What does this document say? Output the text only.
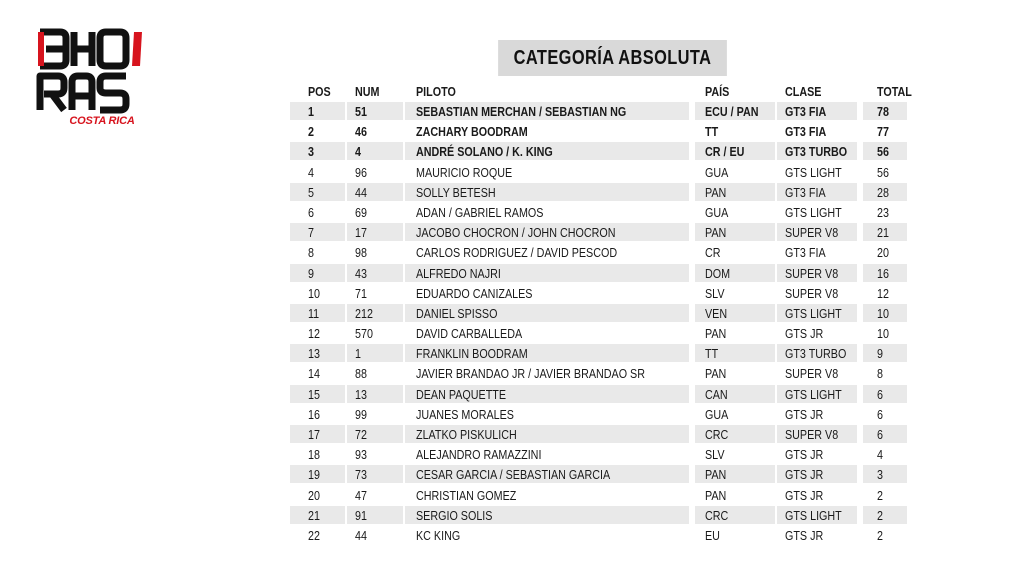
COSTA RICA
CATEGORÍA ABSOLUTA
POS	NUM	PILOTO	PAÍS	CLASE	TOTAL
1	51	SEBASTIAN MERCHAN / SEBASTIAN NG	ECU / PAN	GT3 FIA	78
2	46	ZACHARY BOODRAM	TT	GT3 FIA	77
3	4	ANDRÉ SOLANO / K. KING	CR / EU	GT3 TURBO	56
4	96	MAURICIO ROQUE	GUA	GTS LIGHT	56
5	44	SOLLY BETESH	PAN	GT3 FIA	28
6	69	ADAN / GABRIEL RAMOS	GUA	GTS LIGHT	23
7	17	JACOBO CHOCRON / JOHN CHOCRON	PAN	SUPER V8	21
8	98	CARLOS RODRIGUEZ / DAVID PESCOD	CR	GT3 FIA	20
9	43	ALFREDO NAJRI	DOM	SUPER V8	16
10	71	EDUARDO CANIZALES	SLV	SUPER V8	12
11	212	DANIEL SPISSO	VEN	GTS LIGHT	10
12	570	DAVID CARBALLEDA	PAN	GTS JR	10
13	1	FRANKLIN BOODRAM	TT	GT3 TURBO	9
14	88	JAVIER BRANDAO JR / JAVIER BRANDAO SR	PAN	SUPER V8	8
15	13	DEAN PAQUETTE	CAN	GTS LIGHT	6
16	99	JUANES MORALES	GUA	GTS JR	6
17	72	ZLATKO PISKULICH	CRC	SUPER V8	6
18	93	ALEJANDRO RAMAZZINI	SLV	GTS JR	4
19	73	CESAR GARCIA / SEBASTIAN GARCIA	PAN	GTS JR	3
20	47	CHRISTIAN GOMEZ	PAN	GTS JR	2
21	91	SERGIO SOLIS	CRC	GTS LIGHT	2
22	44	KC KING	EU	GTS JR	2
